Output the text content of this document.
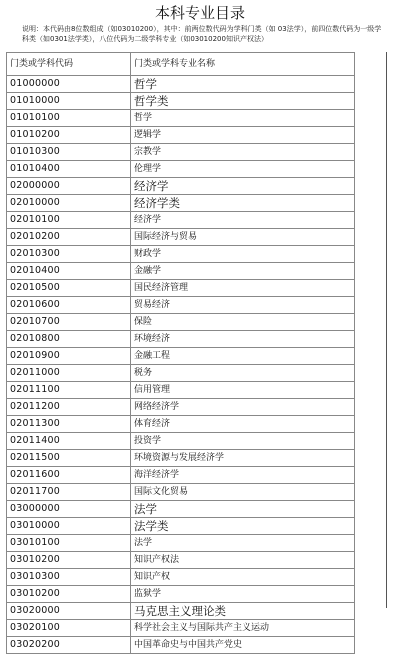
本科专业目录
说明：本代码由8位数组成（如03010200），其中：前两位数代码为学科门类（如 03法学），前四位数代码为一级学科类（如0301法学类），八位代码为二级学科专业（如03010200知识产权法）
门类或学科代码	门类或学科专业名称
01000000	哲学
01010000	哲学类
01010100	哲学
01010200	逻辑学
01010300	宗教学
01010400	伦理学
02000000	经济学
02010000	经济学类
02010100	经济学
02010200	国际经济与贸易
02010300	财政学
02010400	金融学
02010500	国民经济管理
02010600	贸易经济
02010700	保险
02010800	环境经济
02010900	金融工程
02011000	税务
02011100	信用管理
02011200	网络经济学
02011300	体育经济
02011400	投资学
02011500	环境资源与发展经济学
02011600	海洋经济学
02011700	国际文化贸易
03000000	法学
03010000	法学类
03010100	法学
03010200	知识产权法
03010300	知识产权
03010200	监狱学
03020000	马克思主义理论类
03020100	科学社会主义与国际共产主义运动
03020200	中国革命史与中国共产党史
